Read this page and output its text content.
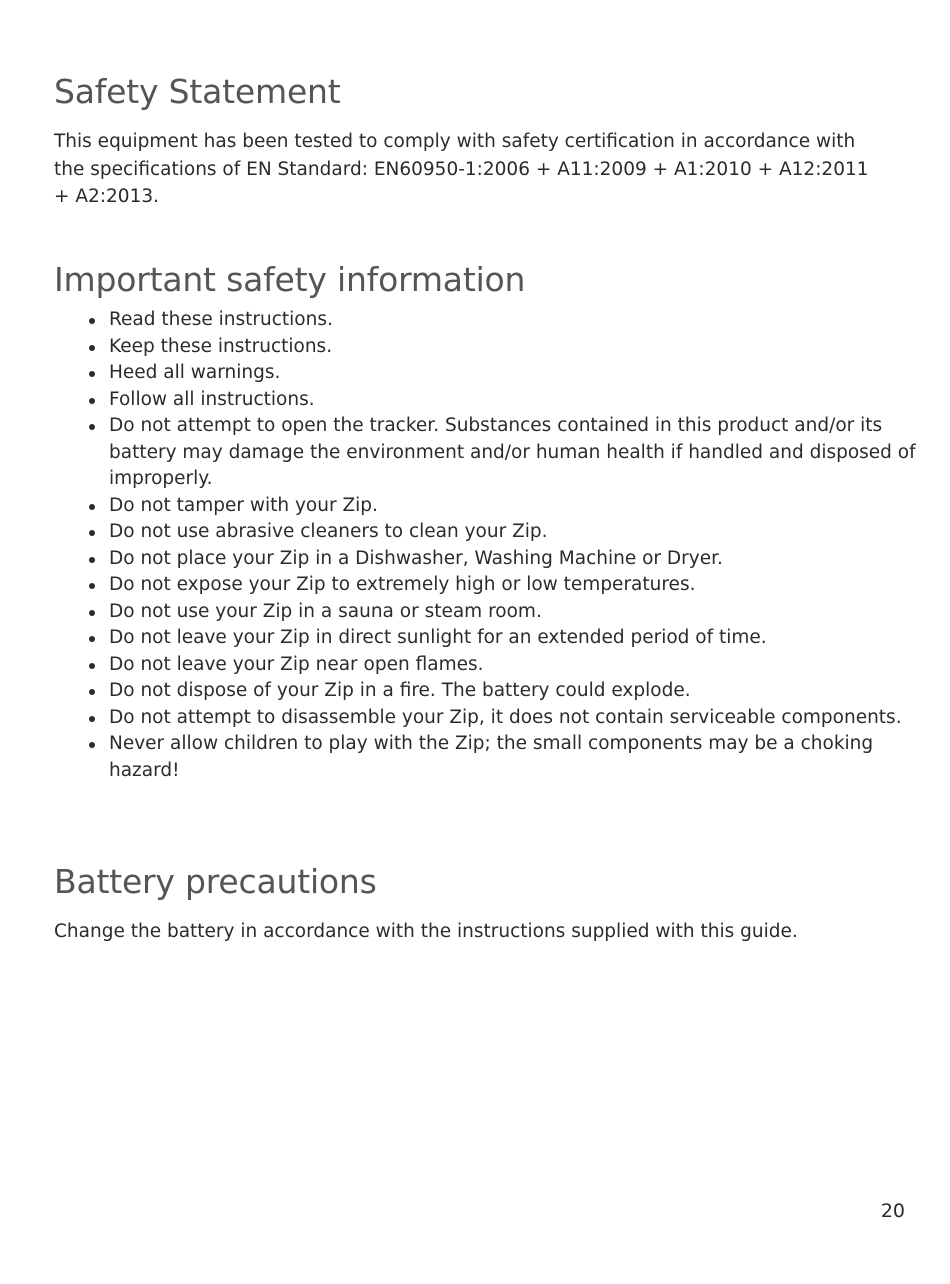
Safety Statement

This equipment has been tested to comply with safety certification in accordance with the specifications of EN Standard: EN60950-1:2006 + A11:2009 + A1:2010 + A12:2011 + A2:2013.

Important safety information
Read these instructions.
Keep these instructions.
Heed all warnings.
Follow all instructions.
Do not attempt to open the tracker. Substances contained in this product and/or its battery may damage the environment and/or human health if handled and disposed of improperly.
Do not tamper with your Zip.
Do not use abrasive cleaners to clean your Zip.
Do not place your Zip in a Dishwasher, Washing Machine or Dryer.
Do not expose your Zip to extremely high or low temperatures.
Do not use your Zip in a sauna or steam room.
Do not leave your Zip in direct sunlight for an extended period of time.
Do not leave your Zip near open flames.
Do not dispose of your Zip in a fire. The battery could explode.
Do not attempt to disassemble your Zip, it does not contain serviceable components.
Never allow children to play with the Zip; the small components may be a choking hazard!
Battery precautions

Change the battery in accordance with the instructions supplied with this guide.

20
